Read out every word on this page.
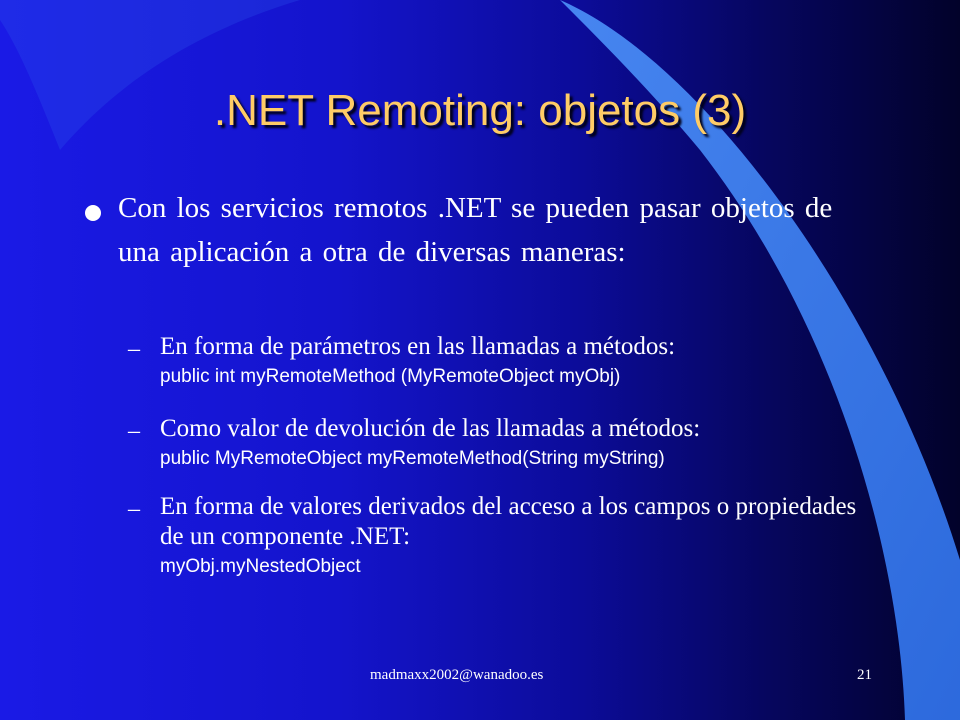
.NET Remoting: objetos (3)
Con los servicios remotos .NET se pueden pasar objetos de una aplicación a otra de diversas maneras:
– En forma de parámetros en las llamadas a métodos:
public int myRemoteMethod (MyRemoteObject myObj)
– Como valor de devolución de las llamadas a métodos:
public MyRemoteObject myRemoteMethod(String myString)
– En forma de valores derivados del acceso a los campos o propiedades de un componente .NET:
myObj.myNestedObject
madmaxx2002@wanadoo.es	21
